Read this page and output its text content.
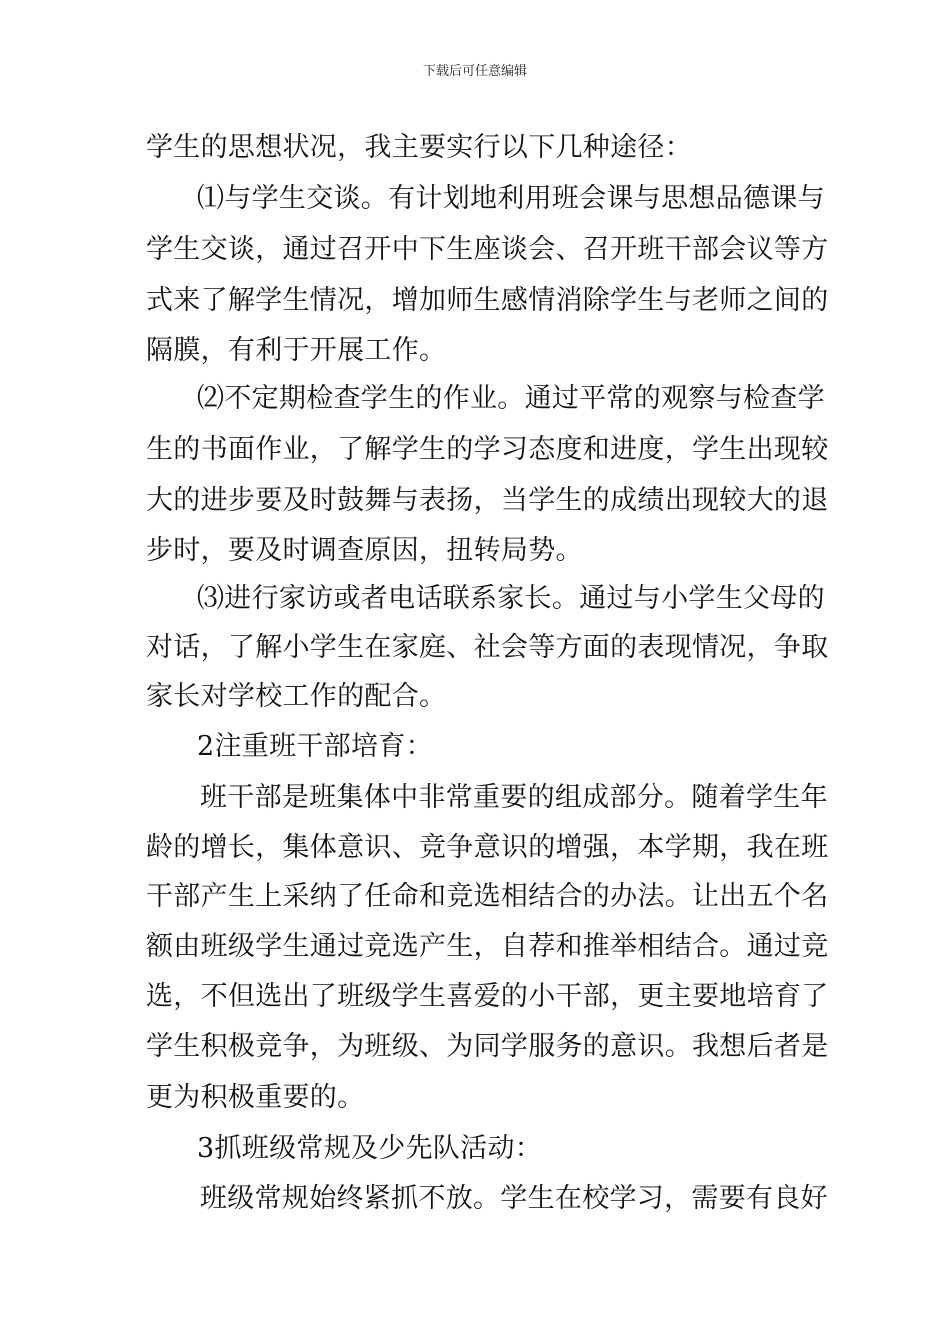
下载后可任意编辑
学生的思想状况，我主要实行以下几种途径：
⑴与学生交谈。有计划地利用班会课与思想品德课与
学生交谈，通过召开中下生座谈会、召开班干部会议等方
式来了解学生情况，增加师生感情消除学生与老师之间的
隔膜，有利于开展工作。
⑵不定期检查学生的作业。通过平常的观察与检查学
生的书面作业，了解学生的学习态度和进度，学生出现较
大的进步要及时鼓舞与表扬，当学生的成绩出现较大的退
步时，要及时调查原因，扭转局势。
⑶进行家访或者电话联系家长。通过与小学生父母的
对话，了解小学生在家庭、社会等方面的表现情况，争取
家长对学校工作的配合。
2注重班干部培育：
班干部是班集体中非常重要的组成部分。随着学生年
龄的增长，集体意识、竞争意识的增强，本学期，我在班
干部产生上采纳了任命和竞选相结合的办法。让出五个名
额由班级学生通过竞选产生，自荐和推举相结合。通过竞
选，不但选出了班级学生喜爱的小干部，更主要地培育了
学生积极竞争，为班级、为同学服务的意识。我想后者是
更为积极重要的。
3抓班级常规及少先队活动：
班级常规始终紧抓不放。学生在校学习，需要有良好
